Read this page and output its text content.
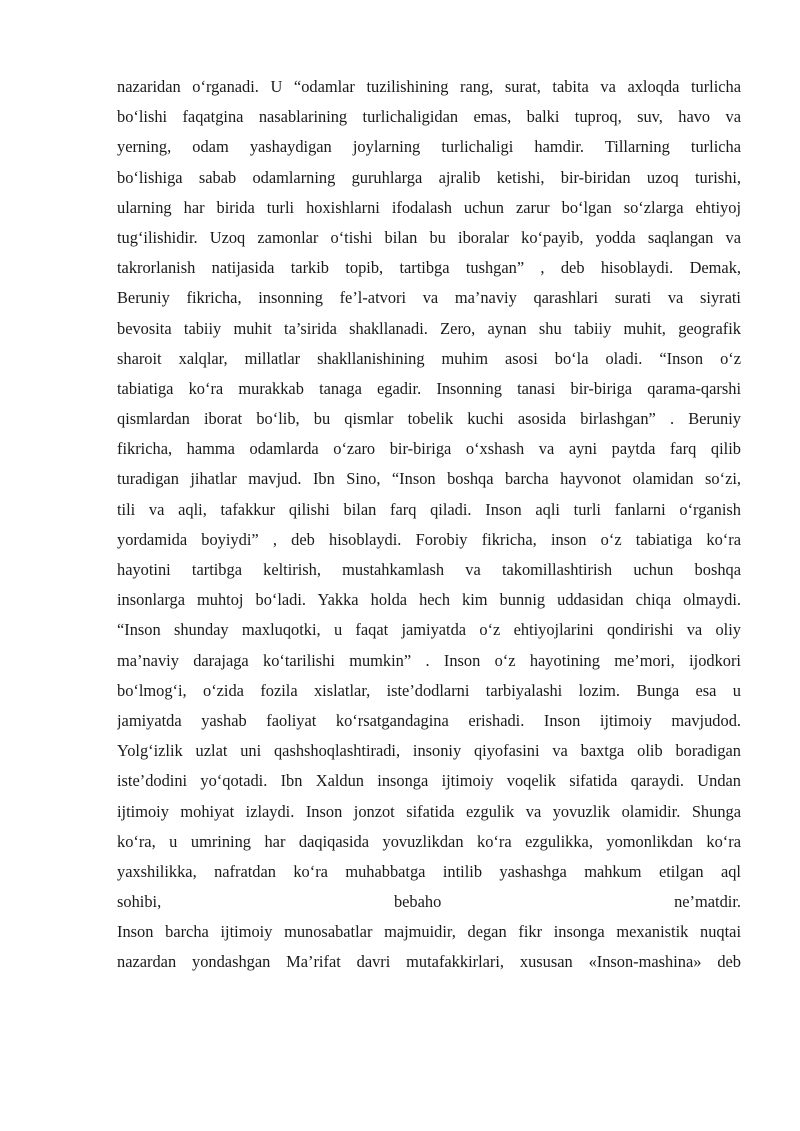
nazaridan o‘rganadi. U “odamlar tuzilishining rang, surat, tabita va axloqda turlicha
bo‘lishi faqatgina nasablarining turlichaligidan emas, balki tuproq, suv, havo va
yerning, odam yashaydigan joylarning turlichaligi hamdir. Tillarning turlicha
bo‘lishiga sabab odamlarning guruhlarga ajralib ketishi, bir-biridan uzoq turishi,
ularning har birida turli hoxishlarni ifodalash uchun zarur bo‘lgan so‘zlarga ehtiyoj
tug‘ilishidir. Uzoq zamonlar o‘tishi bilan bu iboralar ko‘payib, yodda saqlangan va
takrorlanish natijasida tarkib topib, tartibga tushgan” , deb hisoblaydi. Demak,
Beruniy fikricha, insonning fe’l-atvori va ma’naviy qarashlari surati va siyrati
bevosita tabiiy muhit ta’sirida shakllanadi. Zero, aynan shu tabiiy muhit, geografik
sharoit xalqlar, millatlar shakllanishining muhim asosi bo‘la oladi. “Inson o‘z
tabiatiga ko‘ra murakkab tanaga egadir. Insonning tanasi bir-biriga qarama-qarshi
qismlardan iborat bo‘lib, bu qismlar tobelik kuchi asosida birlashgan” . Beruniy
fikricha, hamma odamlarda o‘zaro bir-biriga o‘xshash va ayni paytda farq qilib
turadigan jihatlar mavjud. Ibn Sino, “Inson boshqa barcha hayvonot olamidan so‘zi,
tili va aqli, tafakkur qilishi bilan farq qiladi. Inson aqli turli fanlarni o‘rganish
yordamida boyiydi” , deb hisoblaydi. Forobiy fikricha, inson o‘z tabiatiga ko‘ra
hayotini tartibga keltirish, mustahkamlash va takomillashtirish uchun boshqa
insonlarga muhtoj bo‘ladi. Yakka holda hech kim bunnig uddasidan chiqa olmaydi.
“Inson shunday maxluqotki, u faqat jamiyatda o‘z ehtiyojlarini qondirishi va oliy
ma’naviy darajaga ko‘tarilishi mumkin” . Inson o‘z hayotining me’mori, ijodkori
bo‘lmog‘i, o‘zida fozila xislatlar, iste’dodlarni tarbiyalashi lozim. Bunga esa u
jamiyatda yashab faoliyat ko‘rsatgandagina erishadi. Inson ijtimoiy mavjudod.
Yolg‘izlik uzlat uni qashshoqlashtiradi, insoniy qiyofasini va baxtga olib boradigan
iste’dodini yo‘qotadi. Ibn Xaldun insonga ijtimoiy voqelik sifatida qaraydi. Undan
ijtimoiy mohiyat izlaydi. Inson jonzot sifatida ezgulik va yovuzlik olamidir. Shunga
ko‘ra, u umrining har daqiqasida yovuzlikdan ko‘ra ezgulikka, yomonlikdan ko‘ra
yaxshilikka, nafratdan ko‘ra muhabbatga intilib yashashga mahkum etilgan aql
sohibi, bebaho ne’matdir.
Inson barcha ijtimoiy munosabatlar majmuidir, degan fikr insonga mexanistik nuqtai
nazardan yondashgan Ma’rifat davri mutafakkirlari, xususan «Inson-mashina» deb
